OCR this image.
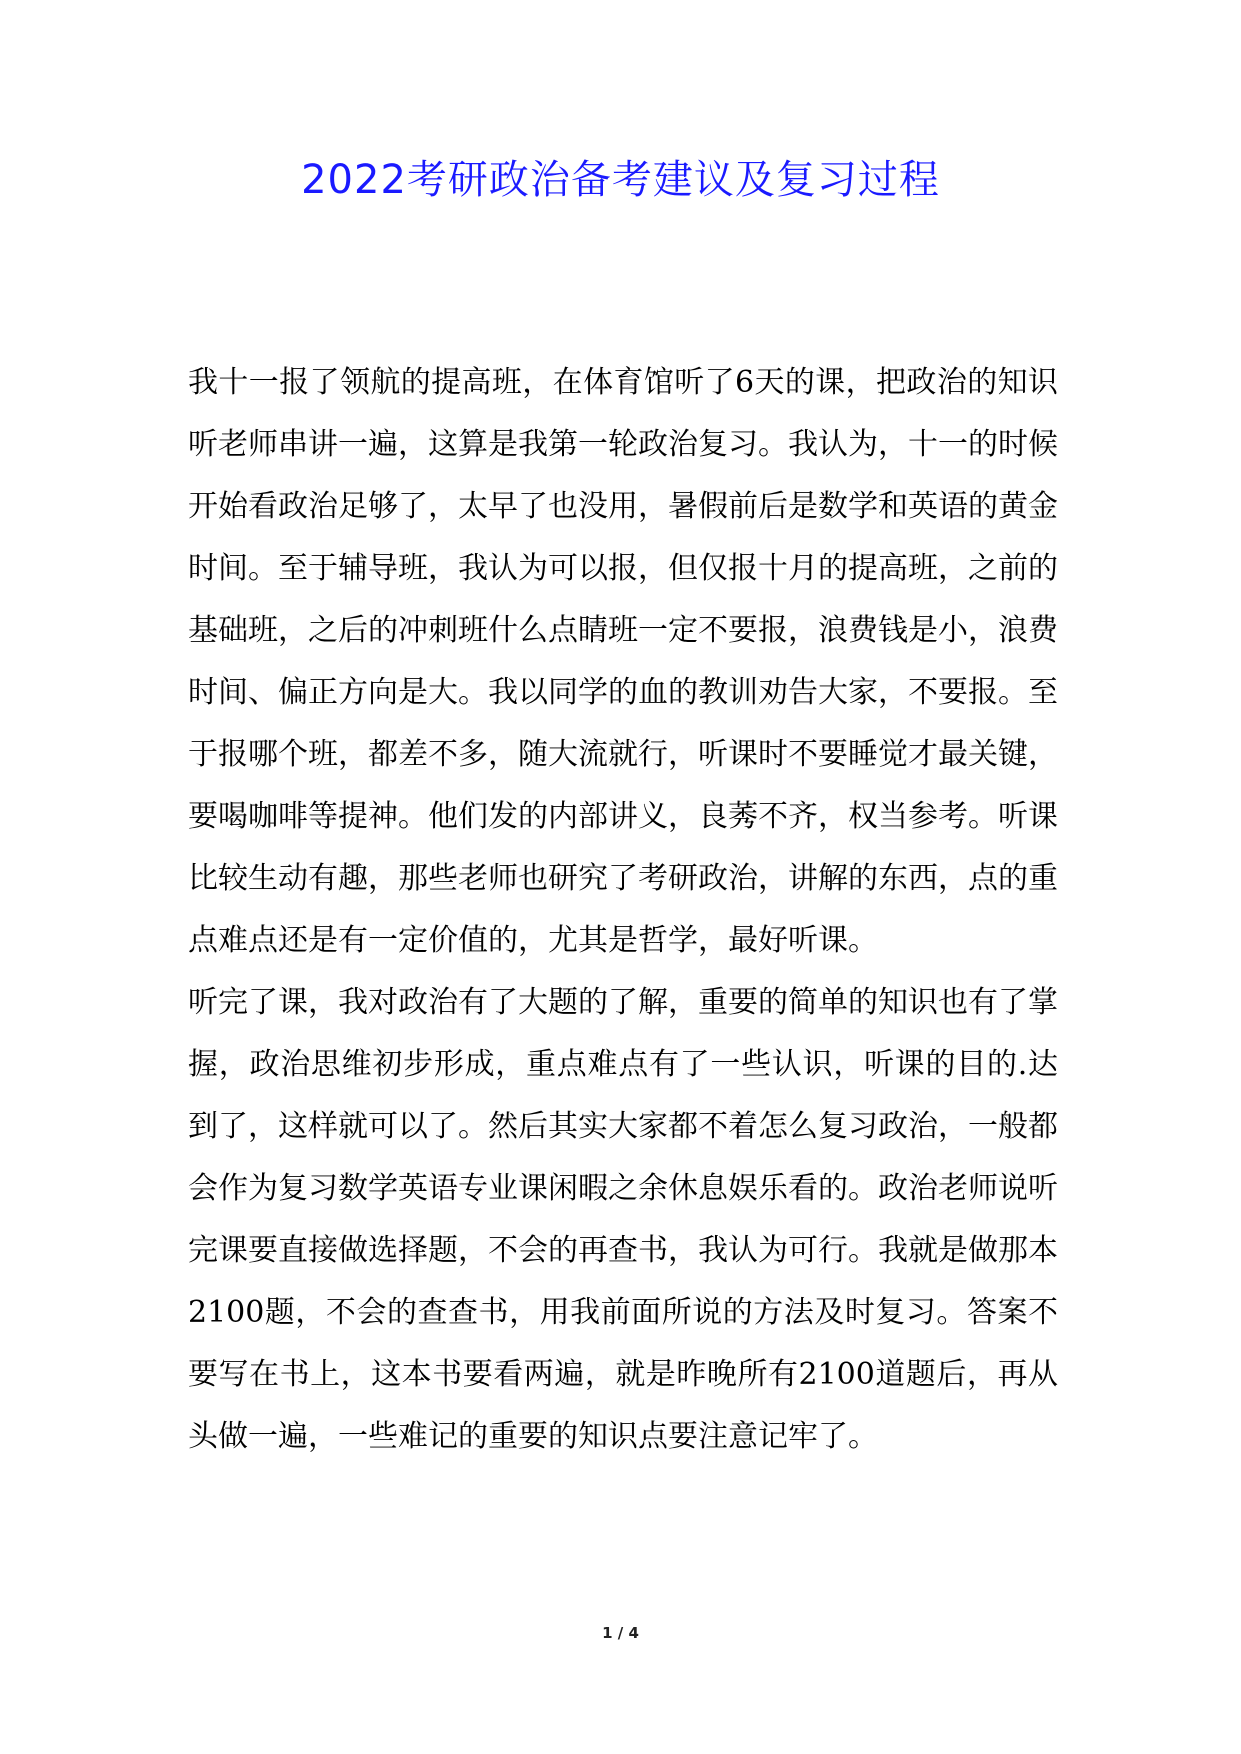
2022考研政治备考建议及复习过程

我十一报了领航的提高班，在体育馆听了6天的课，把政治的知识听老师串讲一遍，这算是我第一轮政治复习。我认为，十一的时候开始看政治足够了，太早了也没用，暑假前后是数学和英语的黄金时间。至于辅导班，我认为可以报，但仅报十月的提高班，之前的基础班，之后的冲刺班什么点睛班一定不要报，浪费钱是小，浪费时间、偏正方向是大。我以同学的血的教训劝告大家，不要报。至于报哪个班，都差不多，随大流就行，听课时不要睡觉才最关键，要喝咖啡等提神。他们发的内部讲义，良莠不齐，权当参考。听课比较生动有趣，那些老师也研究了考研政治，讲解的东西，点的重点难点还是有一定价值的，尤其是哲学，最好听课。

听完了课，我对政治有了大题的了解，重要的简单的知识也有了掌握，政治思维初步形成，重点难点有了一些认识，听课的目的.达到了，这样就可以了。然后其实大家都不着怎么复习政治，一般都会作为复习数学英语专业课闲暇之余休息娱乐看的。政治老师说听完课要直接做选择题，不会的再查书，我认为可行。我就是做那本2100题，不会的查查书，用我前面所说的方法及时复习。答案不要写在书上，这本书要看两遍，就是昨晚所有2100道题后，再从头做一遍，一些难记的重要的知识点要注意记牢了。

1 / 4
